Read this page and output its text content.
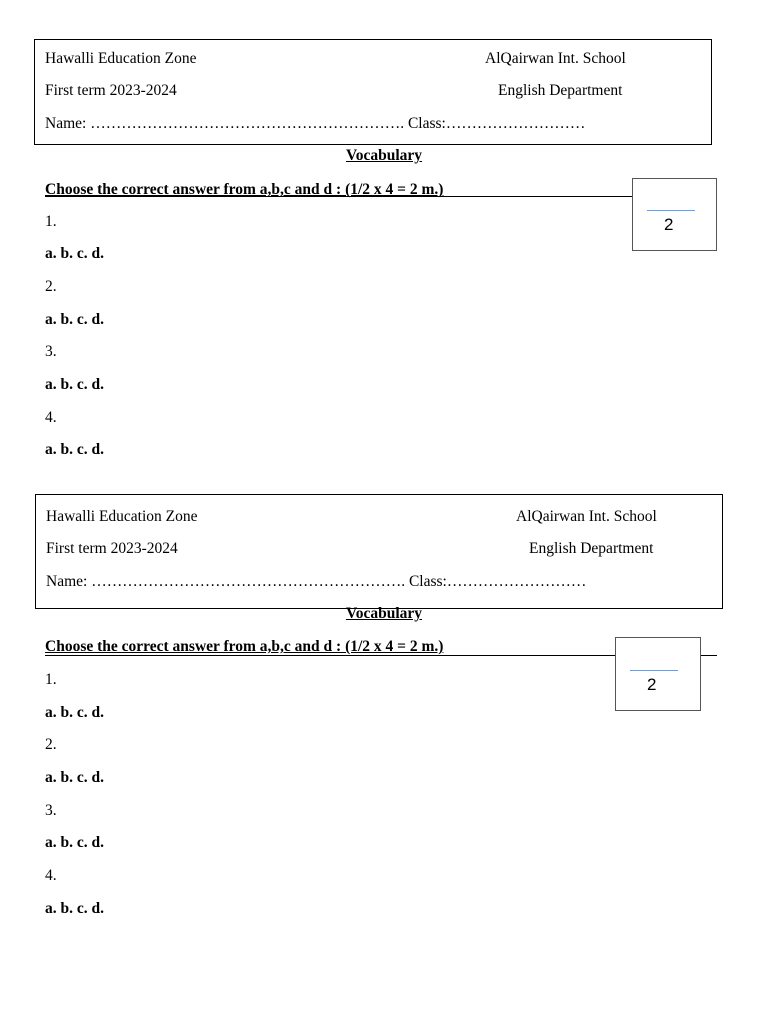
Hawalli Education Zone	AlQairwan Int. School
First term 2023-2024	English Department
Name: ……………………………………………………. Class:………………………
Vocabulary
Choose the correct answer from a,b,c and d : (1/2 x 4 = 2 m.)
2
1.
a. b. c. d.
2.
a. b. c. d.
3.
a. b. c. d.
4.
a. b. c. d.
Hawalli Education Zone	AlQairwan Int. School
First term 2023-2024	English Department
Name: ……………………………………………………. Class:………………………
Vocabulary
Choose the correct answer from a,b,c and d : (1/2 x 4 = 2 m.)
2
1.
a. b. c. d.
2.
a. b. c. d.
3.
a. b. c. d.
4.
a. b. c. d.
